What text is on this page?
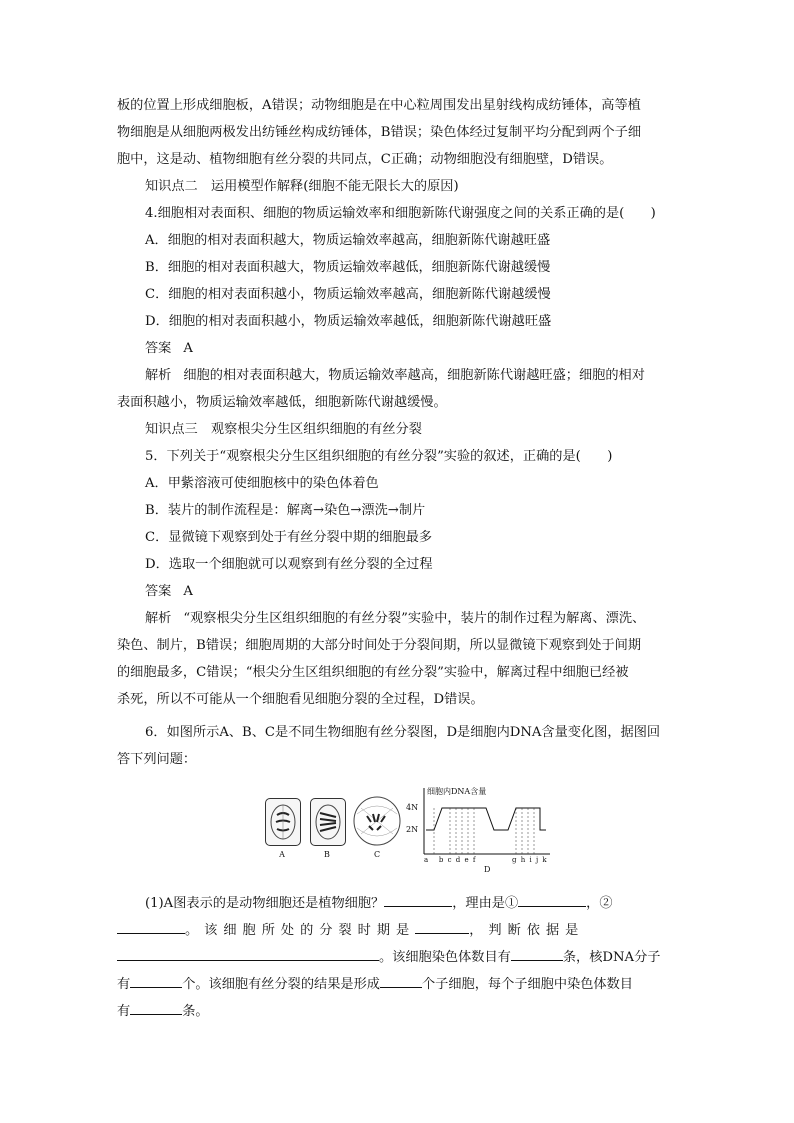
板的位置上形成细胞板，A错误；动物细胞是在中心粒周围发出星射线构成纺锤体，高等植
物细胞是从细胞两极发出纺锤丝构成纺锤体，B错误；染色体经过复制平均分配到两个子细
胞中，这是动、植物细胞有丝分裂的共同点，C正确；动物细胞没有细胞壁，D错误。
知识点二　运用模型作解释(细胞不能无限长大的原因)
4.细胞相对表面积、细胞的物质运输效率和细胞新陈代谢强度之间的关系正确的是(　　)
A．细胞的相对表面积越大，物质运输效率越高，细胞新陈代谢越旺盛
B．细胞的相对表面积越大，物质运输效率越低，细胞新陈代谢越缓慢
C．细胞的相对表面积越小，物质运输效率越高，细胞新陈代谢越缓慢
D．细胞的相对表面积越小，物质运输效率越低，细胞新陈代谢越旺盛
答案 A
解析 细胞的相对表面积越大，物质运输效率越高，细胞新陈代谢越旺盛；细胞的相对
表面积越小，物质运输效率越低，细胞新陈代谢越缓慢。
知识点三　观察根尖分生区组织细胞的有丝分裂
5．下列关于“观察根尖分生区组织细胞的有丝分裂”实验的叙述，正确的是(　　)
A．甲紫溶液可使细胞核中的染色体着色
B．装片的制作流程是：解离→染色→漂洗→制片
C．显微镜下观察到处于有丝分裂中期的细胞最多
D．选取一个细胞就可以观察到有丝分裂的全过程
答案 A
解析 “观察根尖分生区组织细胞的有丝分裂”实验中，装片的制作过程为解离、漂洗、
染色、制片，B错误；细胞周期的大部分时间处于分裂间期，所以显微镜下观察到处于间期
的细胞最多，C错误；“根尖分生区组织细胞的有丝分裂”实验中，解离过程中细胞已经被
杀死，所以不可能从一个细胞看见细胞分裂的全过程，D错误。
6．如图所示A、B、C是不同生物细胞有丝分裂图，D是细胞内DNA含量变化图，据图回
答下列问题：
A	B	C
细胞内DNA含量
4N
2N
a b c d e f	g h i j k
D
(1)A图表示的是动物细胞还是植物细胞？	，理由是①	，②
。该细胞所处的分裂时期是	，判断依据是
。该细胞染色体数目有	条，核DNA分子
有	个。该细胞有丝分裂的结果是形成	个子细胞，每个子细胞中染色体数目
有	条。
